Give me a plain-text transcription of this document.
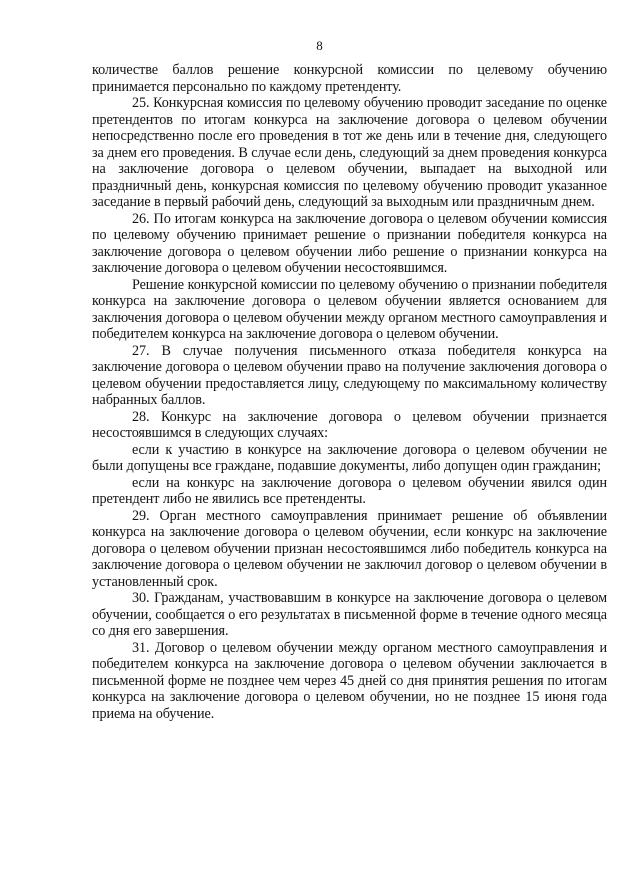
8

количестве баллов решение конкурсной комиссии по целевому обучению принимается персонально по каждому претенденту.

25. Конкурсная комиссия по целевому обучению проводит заседание по оценке претендентов по итогам конкурса на заключение договора о целевом обучении непосредственно после его проведения в тот же день или в течение дня, следующего за днем его проведения. В случае если день, следующий за днем проведения конкурса на заключение договора о целевом обучении, выпадает на выходной или праздничный день, конкурсная комиссия по целевому обучению проводит указанное заседание в первый рабочий день, следующий за выходным или праздничным днем.

26. По итогам конкурса на заключение договора о целевом обучении комиссия по целевому обучению принимает решение о признании победителя конкурса на заключение договора о целевом обучении либо решение о признании конкурса на заключение договора о целевом обучении несостоявшимся.

Решение конкурсной комиссии по целевому обучению о признании победителя конкурса на заключение договора о целевом обучении является основанием для заключения договора о целевом обучении между органом местного самоуправления и победителем конкурса на заключение договора о целевом обучении.

27. В случае получения письменного отказа победителя конкурса на заключение договора о целевом обучении право на получение заключения договора о целевом обучении предоставляется лицу, следующему по максимальному количеству набранных баллов.

28. Конкурс на заключение договора о целевом обучении признается несостоявшимся в следующих случаях:

если к участию в конкурсе на заключение договора о целевом обучении не были допущены все граждане, подавшие документы, либо допущен один гражданин;

если на конкурс на заключение договора о целевом обучении явился один претендент либо не явились все претенденты.

29. Орган местного самоуправления принимает решение об объявлении конкурса на заключение договора о целевом обучении, если конкурс на заключение договора о целевом обучении признан несостоявшимся либо победитель конкурса на заключение договора о целевом обучении не заключил договор о целевом обучении в установленный срок.

30. Гражданам, участвовавшим в конкурсе на заключение договора о целевом обучении, сообщается о его результатах в письменной форме в течение одного месяца со дня его завершения.

31. Договор о целевом обучении между органом местного самоуправления и победителем конкурса на заключение договора о целевом обучении заключается в письменной форме не позднее чем через 45 дней со дня принятия решения по итогам конкурса на заключение договора о целевом обучении, но не позднее 15 июня года приема на обучение.
